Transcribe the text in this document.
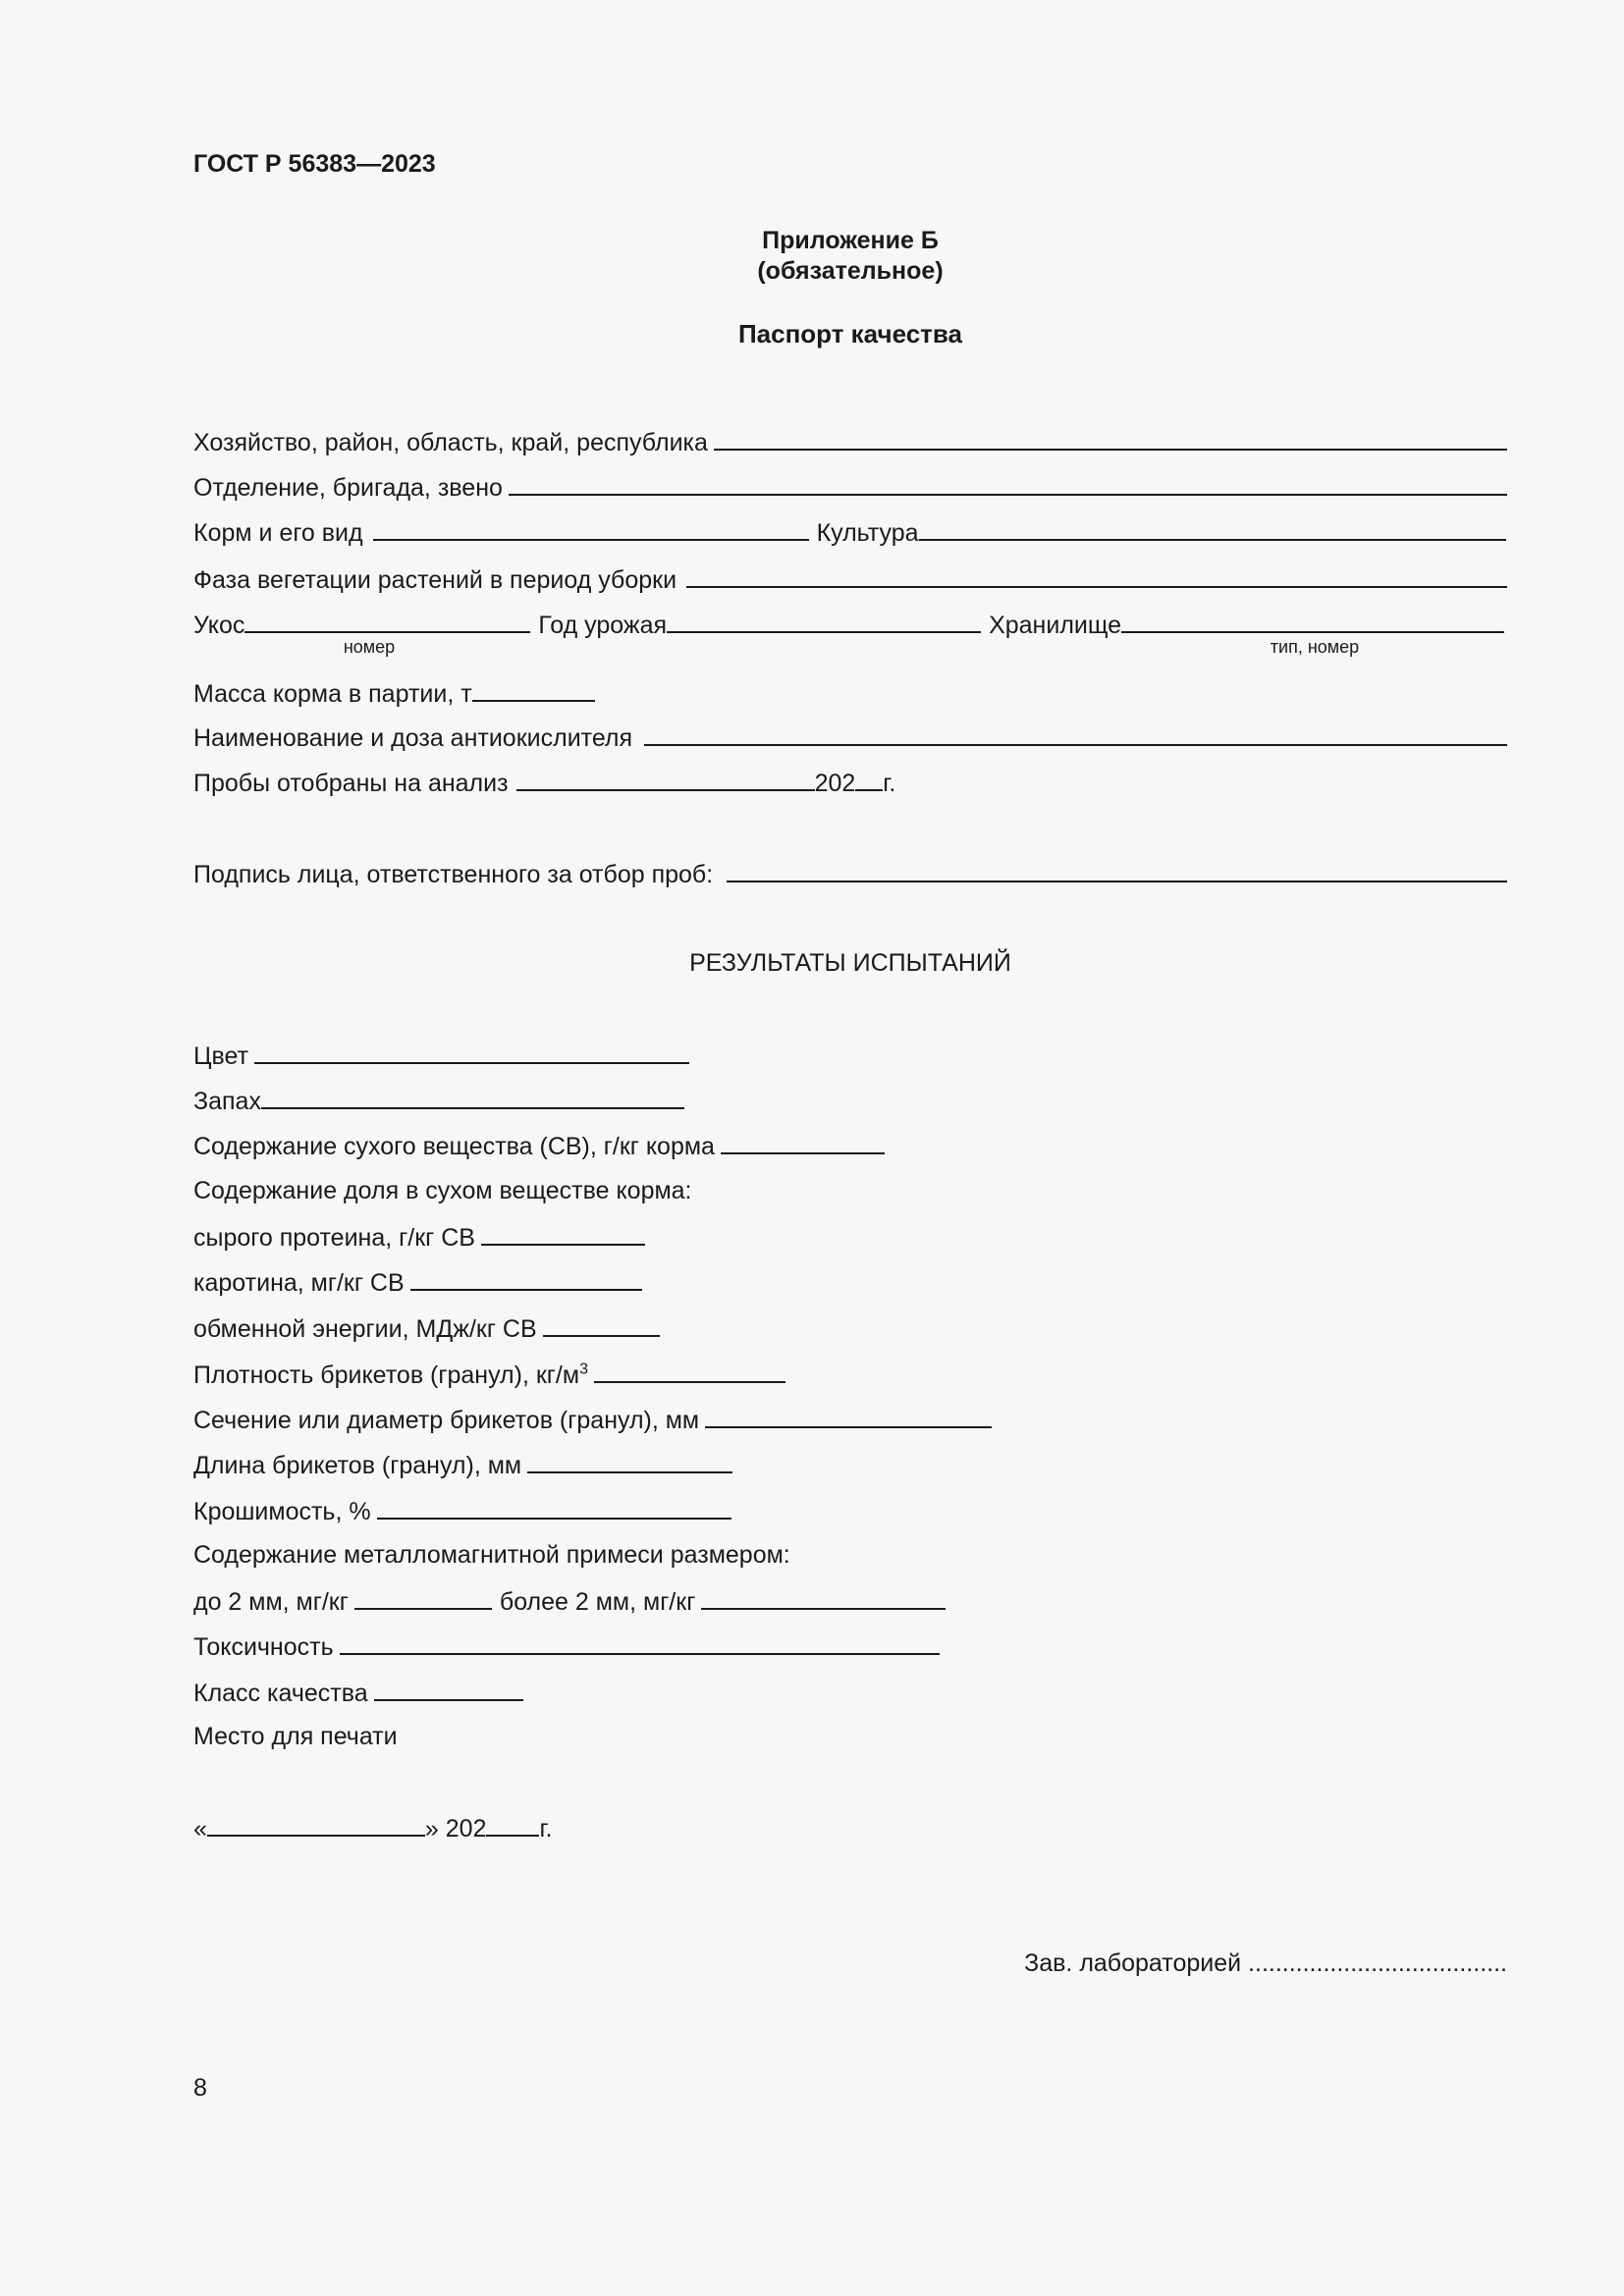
ГОСТ Р 56383—2023
Приложение Б
(обязательное)
Паспорт качества
Хозяйство, район, область, край, республика
Отделение, бригада, звено
Корм и его вид	Культура
Фаза вегетации растений в период уборки
Укос	Год урожая	Хранилище
номер	тип, номер
Масса корма в партии, т
Наименование и доза антиокислителя
Пробы отобраны на анализ	202 г.
Подпись лица, ответственного за отбор проб:
РЕЗУЛЬТАТЫ ИСПЫТАНИЙ
Цвет
Запах
Содержание сухого вещества (СВ), г/кг корма
Содержание доля в сухом веществе корма:
сырого протеина, г/кг СВ
каротина, мг/кг СВ
обменной энергии, МДж/кг СВ
Плотность брикетов (гранул), $кг/м^3$
Сечение или диаметр брикетов (гранул), мм
Длина брикетов (гранул), мм
Крошимость, %
Содержание металломагнитной примеси размером:
до 2 мм, мг/кг	более 2 мм, мг/кг
Токсичность
Класс качества
Место для печати
«	» 202 г.
Зав. лабораторией ......................................
8
